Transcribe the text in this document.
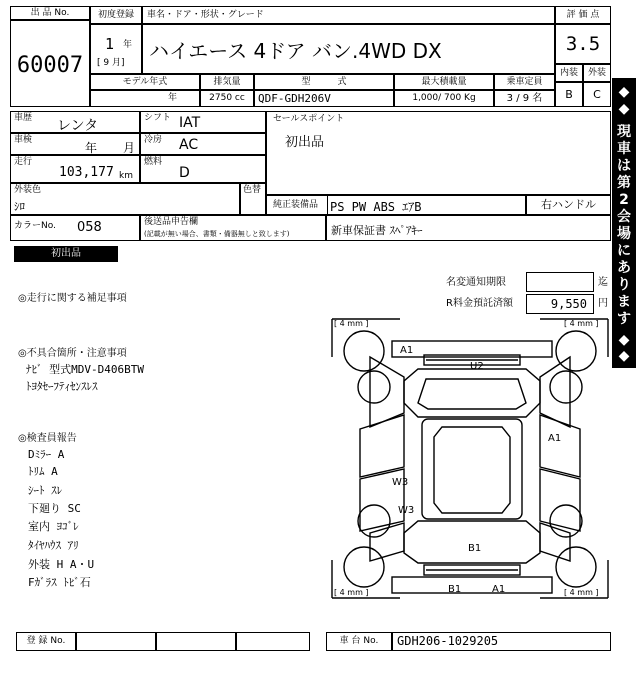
出 品 No.
60007
初度登録
1 年
[ 9 月]
車名・ドア・形状・グレード
ハイエース 4ドア バン.4WD DX
評 価 点
3.5
内装	外装
B	C
モデル年式
年
排気量
2750 cc
型　　　式
QDF-GDH206V
最大積載量
1,000/ 700 Kg
乗車定員
3 / 9 名
車歴 レンタ	シフト IAT
車検
年 月
冷房 AC
走行
103,177 km
燃料
D
外装色
ｼﾛ
色替
カラーNo. 058	後送品申告欄
(記載が無い場合、書類・備器無しと致します)
セールスポイント
初出品
純正装備品 PS PW ABS ｴｱB	右ハンドル
新車保証書 ｽﾍﾟｱｷｰ
◆
◆
現
車
は
第
2
会
場
に
あ
り
ま
す
◆
◆
初出品
名変通知期限	迄
R料金預託済額	9,550	円
◎走行に関する補足事項
◎不具合箇所・注意事項
ﾅﾋﾞ 型式MDV-D406BTW
ﾄﾖﾀｾｰﾌﾃｨｾﾝｽﾚｽ
◎検査員報告
Dﾐﾗｰ A
ﾄﾘﾑ A
ｼｰﾄ ｽﾚ
下廻り SC
室内 ﾖｺﾞﾚ
ﾀｲﾔﾊｳｽ ｱﾘ
外装 H A・U
Fｶﾞﾗｽ ﾄﾋﾞ石
[ 4 mm ]	[ 4 mm ]
[ 4 mm ]	[ 4 mm ]
A1
U2
A1
W3
W3
B1
B1	A1
登 録 No.	車 台 No.	GDH206-1029205
